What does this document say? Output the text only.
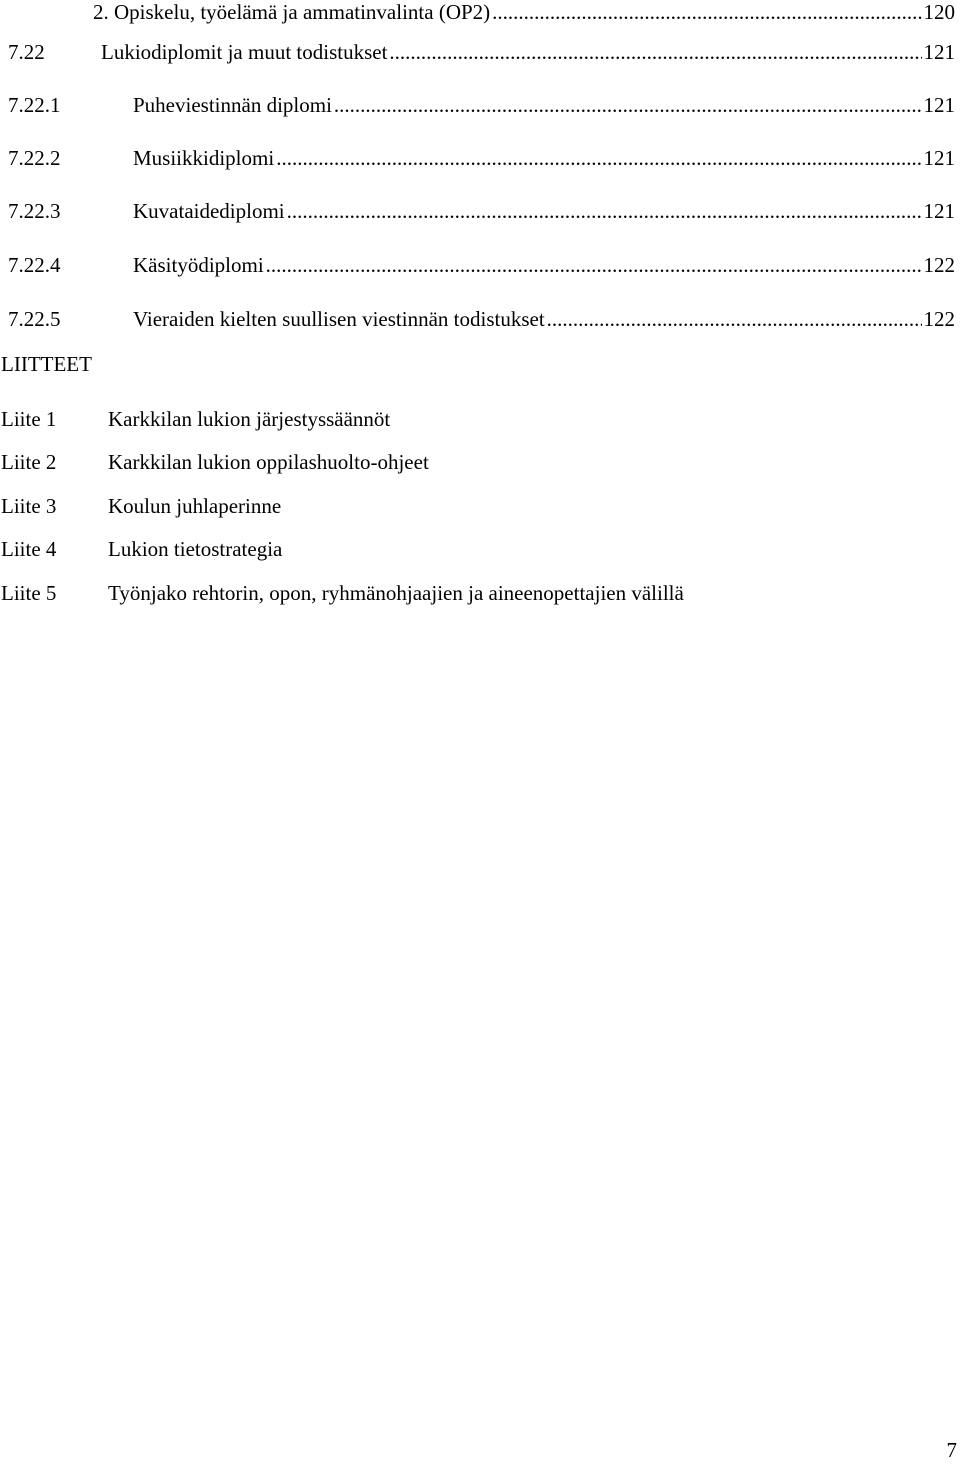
2. Opiskelu, työelämä ja ammatinvalinta (OP2) .....	120
7.22	Lukiodiplomit ja muut todistukset .....	121
7.22.1	Puheviestinnän diplomi .....	121
7.22.2	Musiikkidiplomi .....	121
7.22.3	Kuvataidediplomi .....	121
7.22.4	Käsityödiplomi .....	122
7.22.5	Vieraiden kielten suullisen viestinnän todistukset .....	122
LIITTEET
Liite 1	Karkkilan lukion järjestyssäännöt
Liite 2	Karkkilan lukion oppilashuolto-ohjeet
Liite 3	Koulun juhlaperinne
Liite 4	Lukion tietostrategia
Liite 5	Työnjako rehtorin, opon, ryhmänohjaajien ja aineenopettajien välillä
7
